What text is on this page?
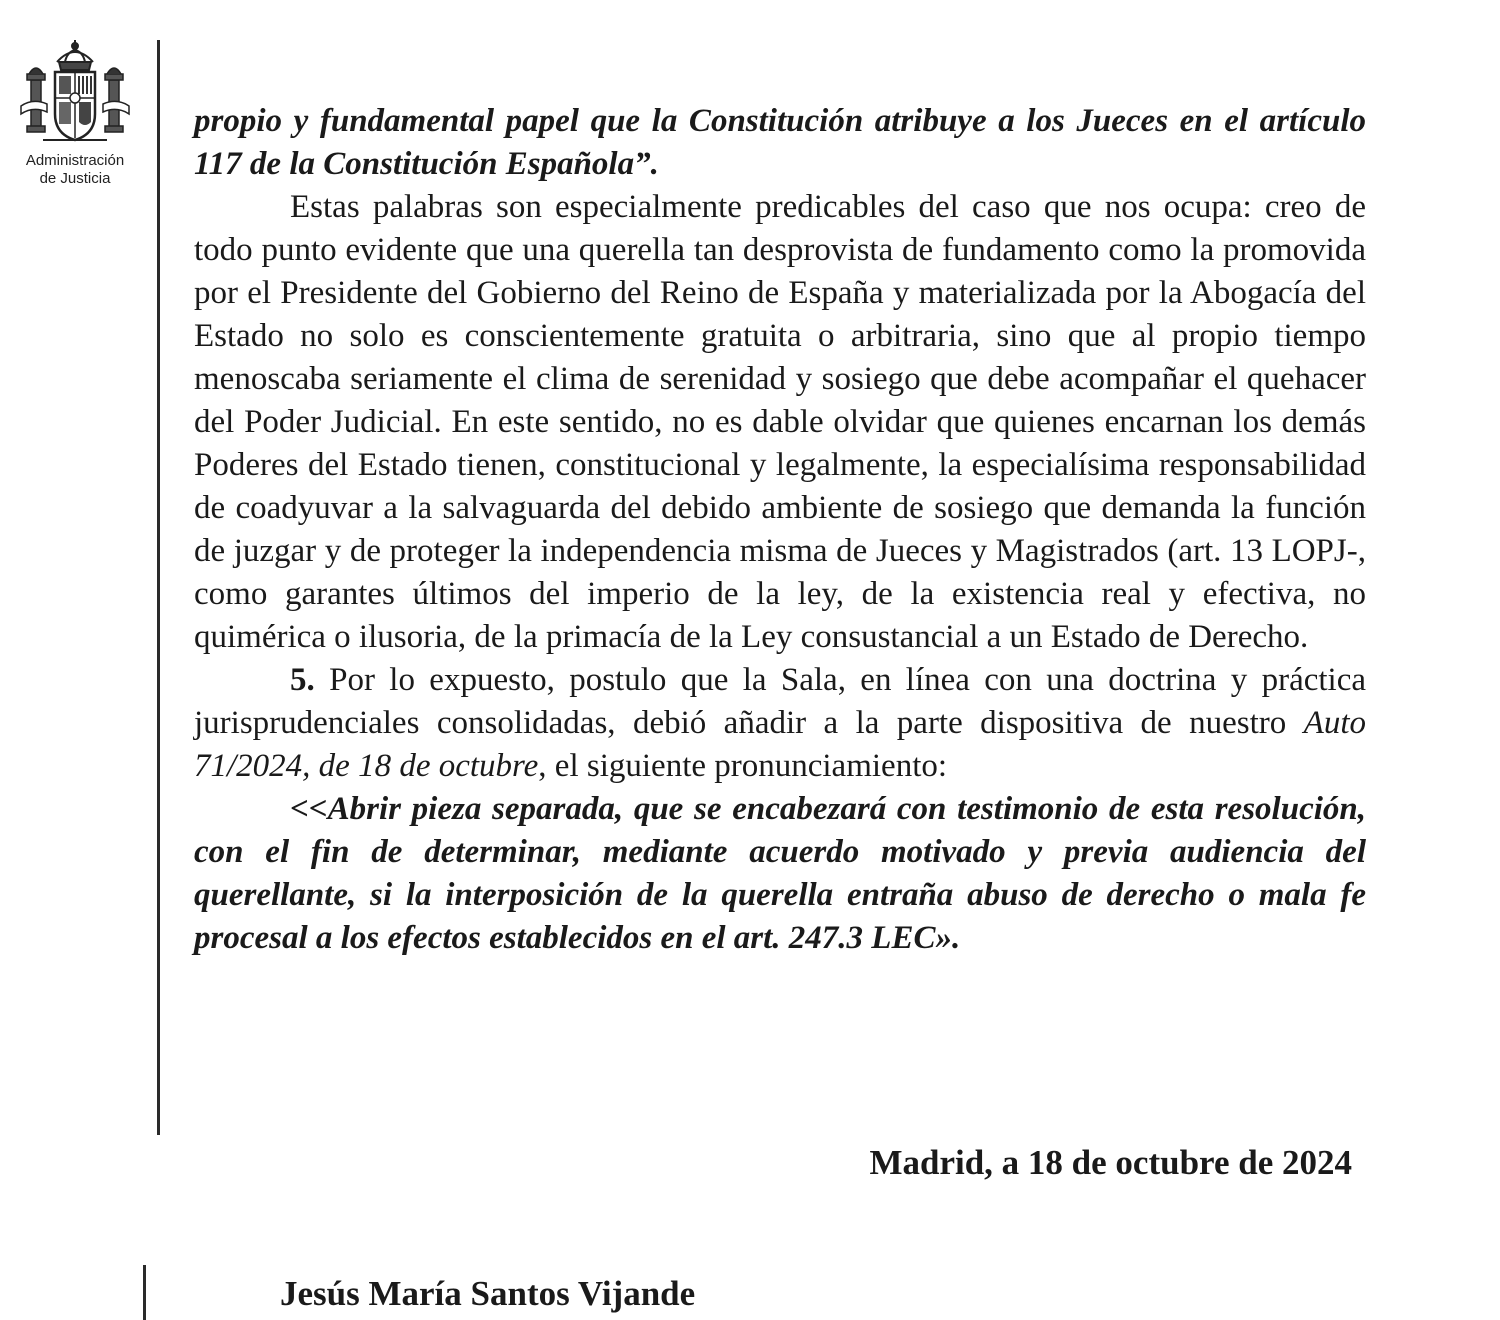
Administración
de Justicia

propio y fundamental papel que la Constitución atribuye a los Jueces en el artículo 117 de la Constitución Española”.

Estas palabras son especialmente predicables del caso que nos ocupa: creo de todo punto evidente que una querella tan desprovista de fundamento como la promovida por el Presidente del Gobierno del Reino de España y materializada por la Abogacía del Estado no solo es conscientemente gratuita o arbitraria, sino que al propio tiempo menoscaba seriamente el clima de serenidad y sosiego que debe acompañar el quehacer del Poder Judicial. En este sentido, no es dable olvidar que quienes encarnan los demás Poderes del Estado tienen, constitucional y legalmente, la especialísima responsabilidad de coadyuvar a la salvaguarda del debido ambiente de sosiego que demanda la función de juzgar y de proteger la independencia misma de Jueces y Magistrados (art. 13 LOPJ-, como garantes últimos del imperio de la ley, de la existencia real y efectiva, no quimérica o ilusoria, de la primacía de la Ley consustancial a un Estado de Derecho.

5. Por lo expuesto, postulo que la Sala, en línea con una doctrina y práctica jurisprudenciales consolidadas, debió añadir a la parte dispositiva de nuestro Auto 71/2024, de 18 de octubre, el siguiente pronunciamiento:

<<Abrir pieza separada, que se encabezará con testimonio de esta resolución, con el fin de determinar, mediante acuerdo motivado y previa audiencia del querellante, si la interposición de la querella entraña abuso de derecho o mala fe procesal a los efectos establecidos en el art. 247.3 LEC».

Madrid, a 18 de octubre de 2024
Jesús María Santos Vijande
